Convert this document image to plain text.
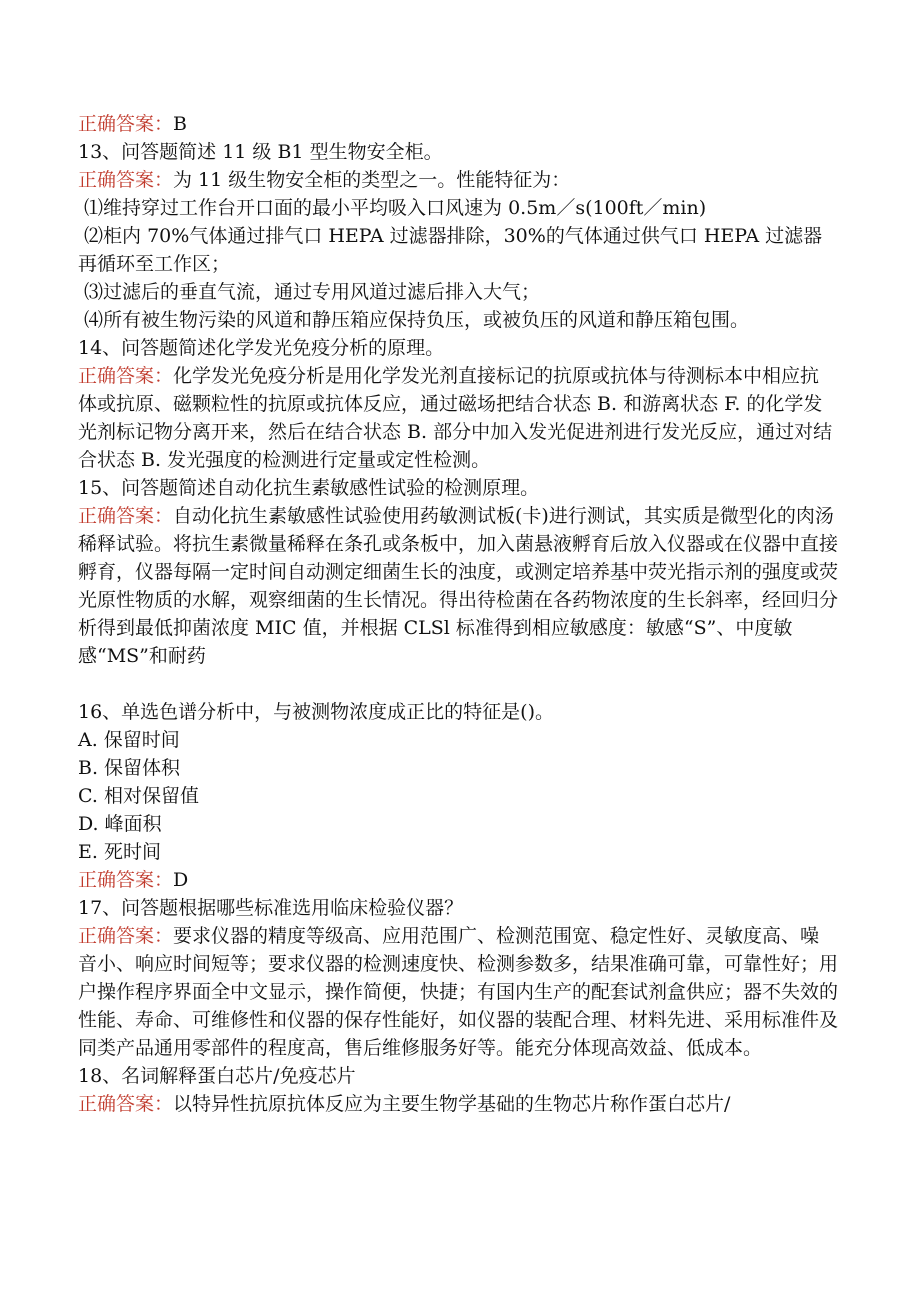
正确答案：B
13、问答题简述 11 级 B1 型生物安全柜。
正确答案：为 11 级生物安全柜的类型之一。性能特征为：
⑴维持穿过工作台开口面的最小平均吸入口风速为 0.5m／s(100ft／min)
⑵柜内 70%气体通过排气口 HEPA 过滤器排除，30%的气体通过供气口 HEPA 过滤器再循环至工作区；
⑶过滤后的垂直气流，通过专用风道过滤后排入大气；
⑷所有被生物污染的风道和静压箱应保持负压，或被负压的风道和静压箱包围。
14、问答题简述化学发光免疫分析的原理。
正确答案：化学发光免疫分析是用化学发光剂直接标记的抗原或抗体与待测标本中相应抗体或抗原、磁颗粒性的抗原或抗体反应，通过磁场把结合状态 B. 和游离状态 F. 的化学发光剂标记物分离开来，然后在结合状态 B. 部分中加入发光促进剂进行发光反应，通过对结合状态 B. 发光强度的检测进行定量或定性检测。
15、问答题简述自动化抗生素敏感性试验的检测原理。
正确答案：自动化抗生素敏感性试验使用药敏测试板(卡)进行测试，其实质是微型化的肉汤稀释试验。将抗生素微量稀释在条孔或条板中，加入菌悬液孵育后放入仪器或在仪器中直接孵育，仪器每隔一定时间自动测定细菌生长的浊度，或测定培养基中荧光指示剂的强度或荧光原性物质的水解，观察细菌的生长情况。得出待检菌在各药物浓度的生长斜率，经回归分析得到最低抑菌浓度 MIC 值，并根据 CLSl 标准得到相应敏感度：敏感“S”、中度敏感“MS”和耐药
16、单选色谱分析中，与被测物浓度成正比的特征是()。
A. 保留时间
B. 保留体积
C. 相对保留值
D. 峰面积
E. 死时间
正确答案：D
17、问答题根据哪些标准选用临床检验仪器？
正确答案：要求仪器的精度等级高、应用范围广、检测范围宽、稳定性好、灵敏度高、噪音小、响应时间短等；要求仪器的检测速度快、检测参数多，结果准确可靠，可靠性好；用户操作程序界面全中文显示，操作简便，快捷；有国内生产的配套试剂盒供应；器不失效的性能、寿命、可维修性和仪器的保存性能好，如仪器的装配合理、材料先进、采用标准件及同类产品通用零部件的程度高，售后维修服务好等。能充分体现高效益、低成本。
18、名词解释蛋白芯片/免疫芯片
正确答案：以特异性抗原抗体反应为主要生物学基础的生物芯片称作蛋白芯片/
